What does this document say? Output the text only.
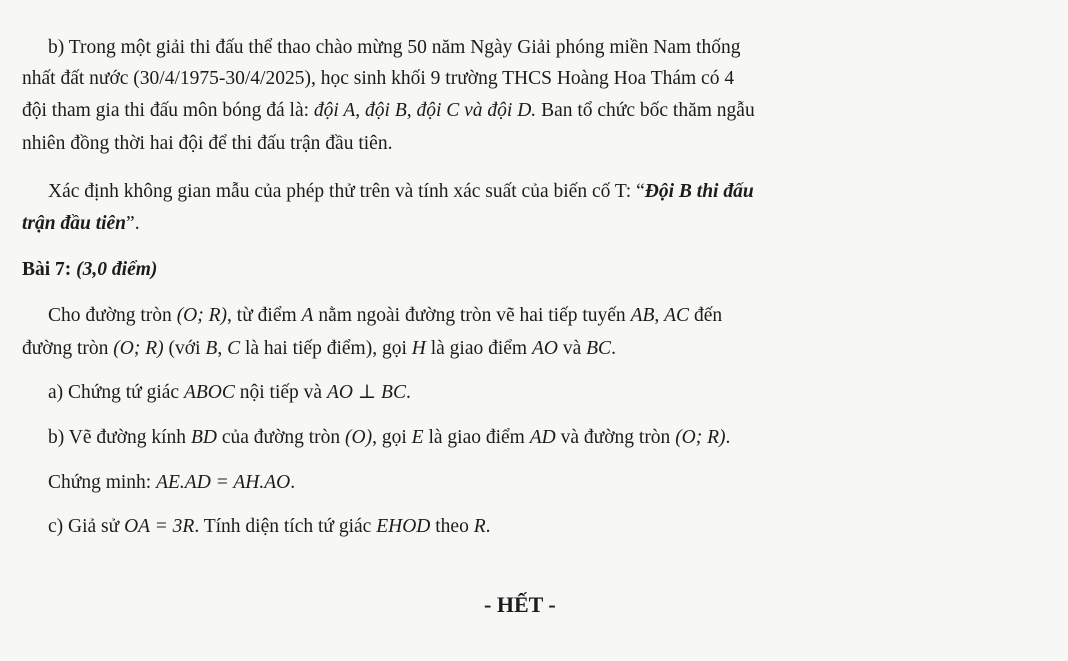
b) Trong một giải thi đấu thể thao chào mừng 50 năm Ngày Giải phóng miền Nam thống
nhất đất nước (30/4/1975-30/4/2025), học sinh khối 9 trường THCS Hoàng Hoa Thám có 4
đội tham gia thi đấu môn bóng đá là: đội A, đội B, đội C và đội D. Ban tổ chức bốc thăm ngẫu
nhiên đồng thời hai đội để thi đấu trận đầu tiên.
Xác định không gian mẫu của phép thử trên và tính xác suất của biến cố T: “Đội B thi đấu
trận đầu tiên”.
Bài 7: (3,0 điểm)
Cho đường tròn (O; R), từ điểm A nằm ngoài đường tròn vẽ hai tiếp tuyến AB, AC đến
đường tròn (O; R) (với B, C là hai tiếp điểm), gọi H là giao điểm AO và BC.
a) Chứng tứ giác ABOC nội tiếp và AO ⊥ BC.
b) Vẽ đường kính BD của đường tròn (O), gọi E là giao điểm AD và đường tròn (O; R).
Chứng minh: AE.AD = AH.AO.
c) Giả sử OA = 3R. Tính diện tích tứ giác EHOD theo R.
- HẾT -
